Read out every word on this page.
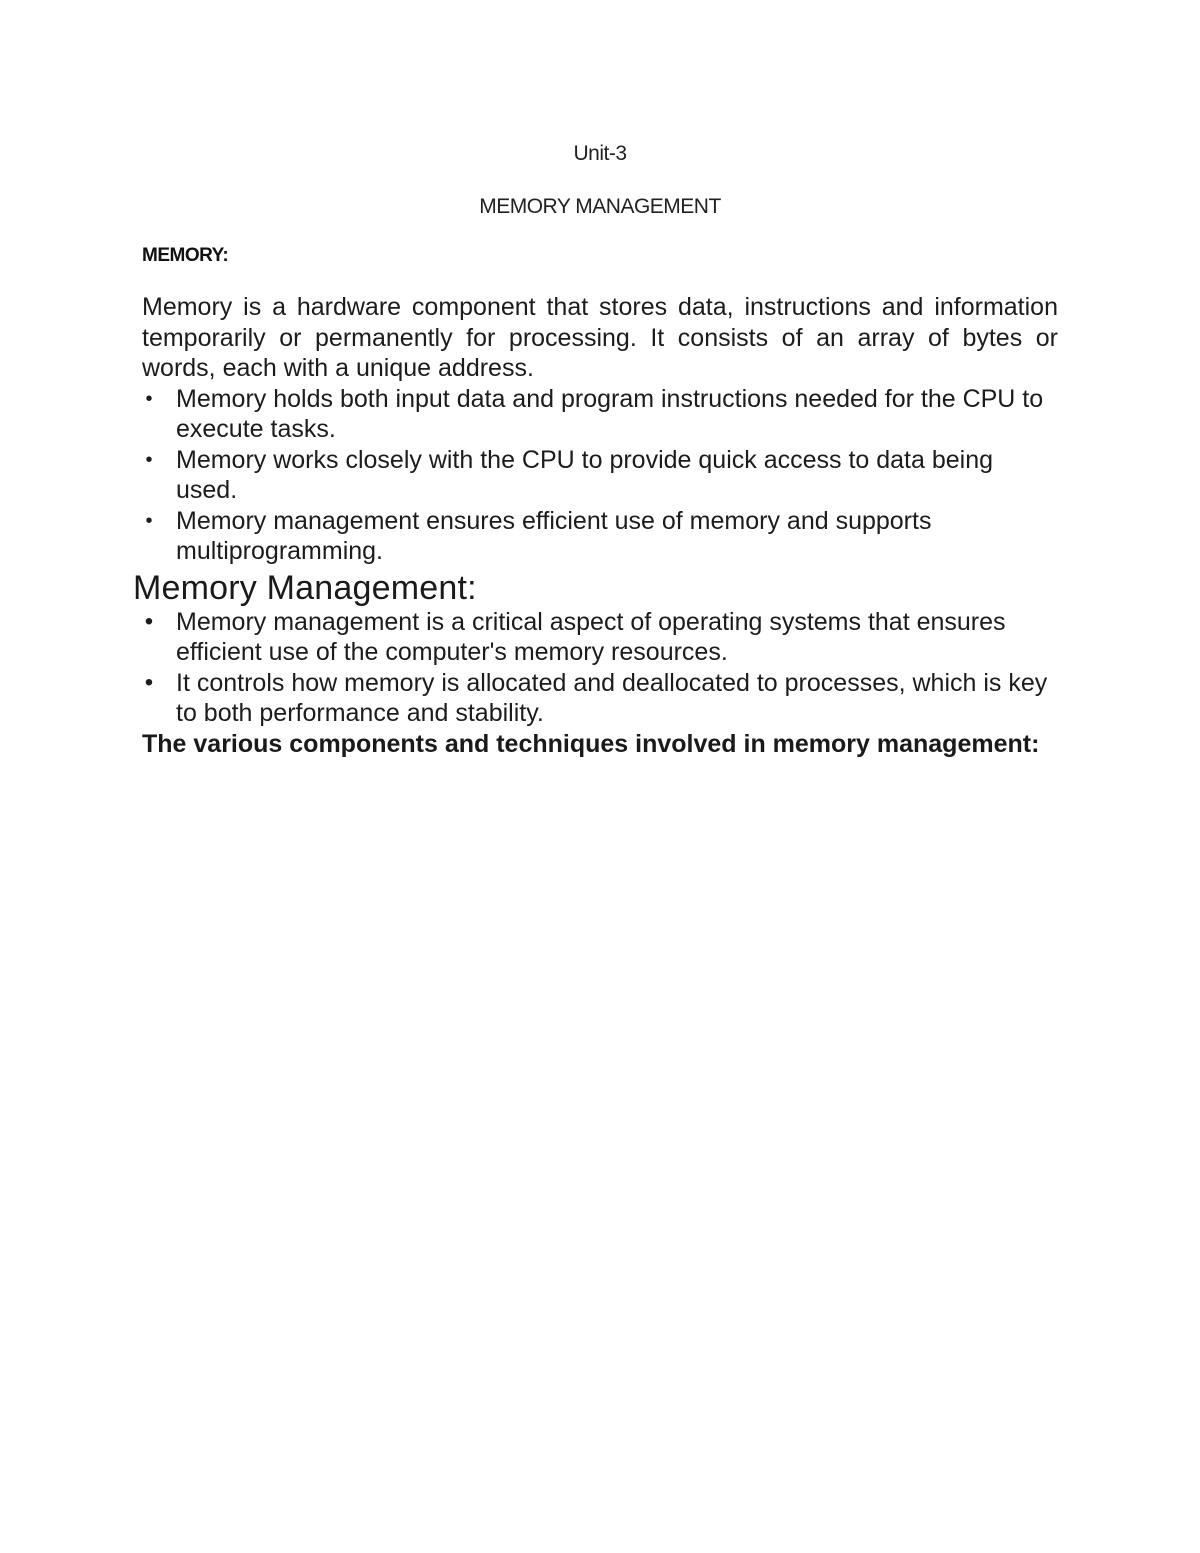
Unit-3
MEMORY MANAGEMENT
MEMORY:

Memory is a hardware component that stores data, instructions and information temporarily or permanently for processing. It consists of an array of bytes or words, each with a unique address.

• Memory holds both input data and program instructions needed for the CPU to execute tasks.
• Memory works closely with the CPU to provide quick access to data being used.
• Memory management ensures efficient use of memory and supports multiprogramming.
Memory Management:
• Memory management is a critical aspect of operating systems that ensures efficient use of the computer's memory resources.
• It controls how memory is allocated and deallocated to processes, which is key to both performance and stability.

The various components and techniques involved in memory management:
